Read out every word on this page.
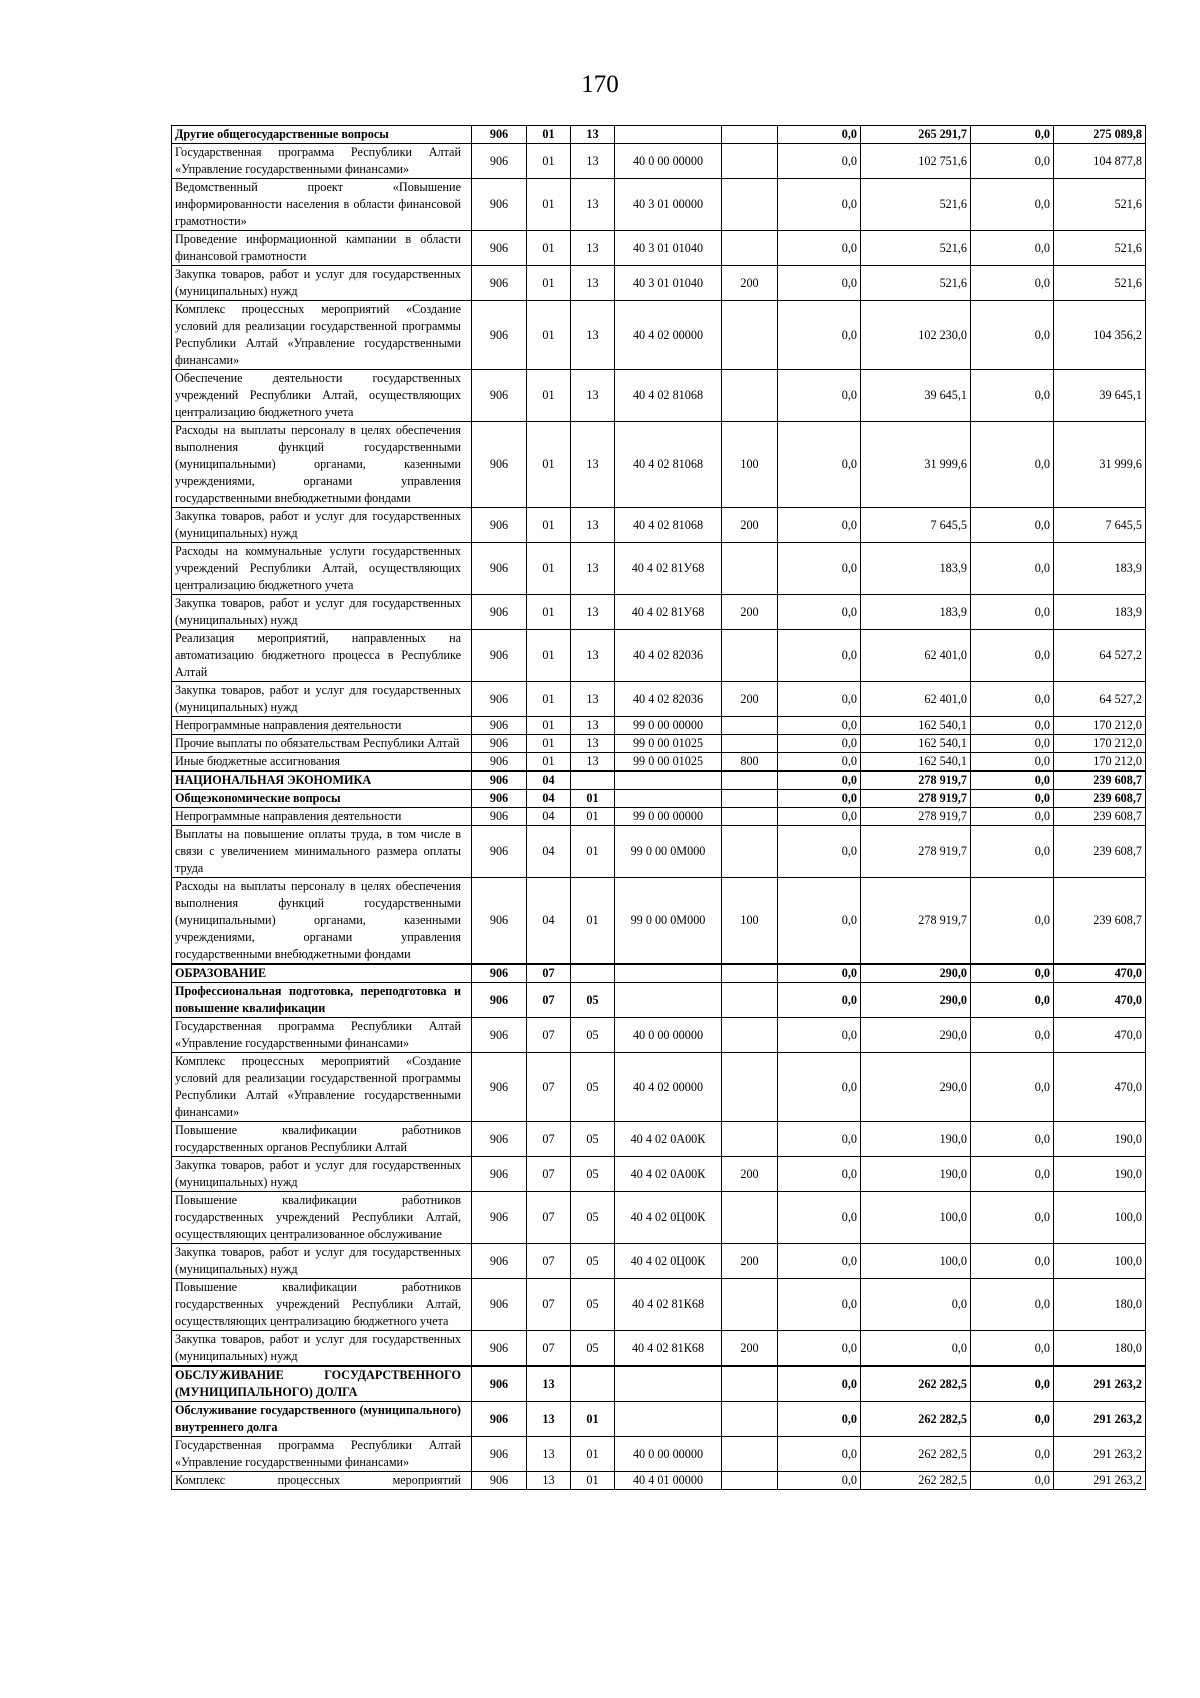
170
Другие общегосударственные вопросы	906	01	13			0,0	265 291,7	0,0	275 089,8
Государственная программа Республики Алтай «Управление государственными финансами»	906	01	13	40 0 00 00000		0,0	102 751,6	0,0	104 877,8
Ведомственный проект «Повышение информированности населения в области финансовой грамотности»	906	01	13	40 3 01 00000		0,0	521,6	0,0	521,6
Проведение информационной кампании в области финансовой грамотности	906	01	13	40 3 01 01040		0,0	521,6	0,0	521,6
Закупка товаров, работ и услуг для государственных (муниципальных) нужд	906	01	13	40 3 01 01040	200	0,0	521,6	0,0	521,6
Комплекс процессных мероприятий «Создание условий для реализации государственной программы Республики Алтай «Управление государственными финансами»	906	01	13	40 4 02 00000		0,0	102 230,0	0,0	104 356,2
Обеспечение деятельности государственных учреждений Республики Алтай, осуществляющих централизацию бюджетного учета	906	01	13	40 4 02 81068		0,0	39 645,1	0,0	39 645,1
Расходы на выплаты персоналу в целях обеспечения выполнения функций государственными (муниципальными) органами, казенными учреждениями, органами управления государственными внебюджетными фондами	906	01	13	40 4 02 81068	100	0,0	31 999,6	0,0	31 999,6
Закупка товаров, работ и услуг для государственных (муниципальных) нужд	906	01	13	40 4 02 81068	200	0,0	7 645,5	0,0	7 645,5
Расходы на коммунальные услуги государственных учреждений Республики Алтай, осуществляющих централизацию бюджетного учета	906	01	13	40 4 02 81У68		0,0	183,9	0,0	183,9
Закупка товаров, работ и услуг для государственных (муниципальных) нужд	906	01	13	40 4 02 81У68	200	0,0	183,9	0,0	183,9
Реализация мероприятий, направленных на автоматизацию бюджетного процесса в Республике Алтай	906	01	13	40 4 02 82036		0,0	62 401,0	0,0	64 527,2
Закупка товаров, работ и услуг для государственных (муниципальных) нужд	906	01	13	40 4 02 82036	200	0,0	62 401,0	0,0	64 527,2
Непрограммные направления деятельности	906	01	13	99 0 00 00000		0,0	162 540,1	0,0	170 212,0
Прочие выплаты по обязательствам Республики Алтай	906	01	13	99 0 00 01025		0,0	162 540,1	0,0	170 212,0
Иные бюджетные ассигнования	906	01	13	99 0 00 01025	800	0,0	162 540,1	0,0	170 212,0
НАЦИОНАЛЬНАЯ ЭКОНОМИКА	906	04				0,0	278 919,7	0,0	239 608,7
Общеэкономические вопросы	906	04	01			0,0	278 919,7	0,0	239 608,7
Непрограммные направления деятельности	906	04	01	99 0 00 00000		0,0	278 919,7	0,0	239 608,7
Выплаты на повышение оплаты труда, в том числе в связи с увеличением минимального размера оплаты труда	906	04	01	99 0 00 0М000		0,0	278 919,7	0,0	239 608,7
Расходы на выплаты персоналу в целях обеспечения выполнения функций государственными (муниципальными) органами, казенными учреждениями, органами управления государственными внебюджетными фондами	906	04	01	99 0 00 0М000	100	0,0	278 919,7	0,0	239 608,7
ОБРАЗОВАНИЕ	906	07				0,0	290,0	0,0	470,0
Профессиональная подготовка, переподготовка и повышение квалификации	906	07	05			0,0	290,0	0,0	470,0
Государственная программа Республики Алтай «Управление государственными финансами»	906	07	05	40 0 00 00000		0,0	290,0	0,0	470,0
Комплекс процессных мероприятий «Создание условий для реализации государственной программы Республики Алтай «Управление государственными финансами»	906	07	05	40 4 02 00000		0,0	290,0	0,0	470,0
Повышение квалификации работников государственных органов Республики Алтай	906	07	05	40 4 02 0А00К		0,0	190,0	0,0	190,0
Закупка товаров, работ и услуг для государственных (муниципальных) нужд	906	07	05	40 4 02 0А00К	200	0,0	190,0	0,0	190,0
Повышение квалификации работников государственных учреждений Республики Алтай, осуществляющих централизованное обслуживание	906	07	05	40 4 02 0Ц00К		0,0	100,0	0,0	100,0
Закупка товаров, работ и услуг для государственных (муниципальных) нужд	906	07	05	40 4 02 0Ц00К	200	0,0	100,0	0,0	100,0
Повышение квалификации работников государственных учреждений Республики Алтай, осуществляющих централизацию бюджетного учета	906	07	05	40 4 02 81К68		0,0	0,0	0,0	180,0
Закупка товаров, работ и услуг для государственных (муниципальных) нужд	906	07	05	40 4 02 81К68	200	0,0	0,0	0,0	180,0
ОБСЛУЖИВАНИЕ ГОСУДАРСТВЕННОГО (МУНИЦИПАЛЬНОГО) ДОЛГА	906	13				0,0	262 282,5	0,0	291 263,2
Обслуживание государственного (муниципального) внутреннего долга	906	13	01			0,0	262 282,5	0,0	291 263,2
Государственная программа Республики Алтай «Управление государственными финансами»	906	13	01	40 0 00 00000		0,0	262 282,5	0,0	291 263,2
Комплекс процессных мероприятий	906	13	01	40 4 01 00000		0,0	262 282,5	0,0	291 263,2
